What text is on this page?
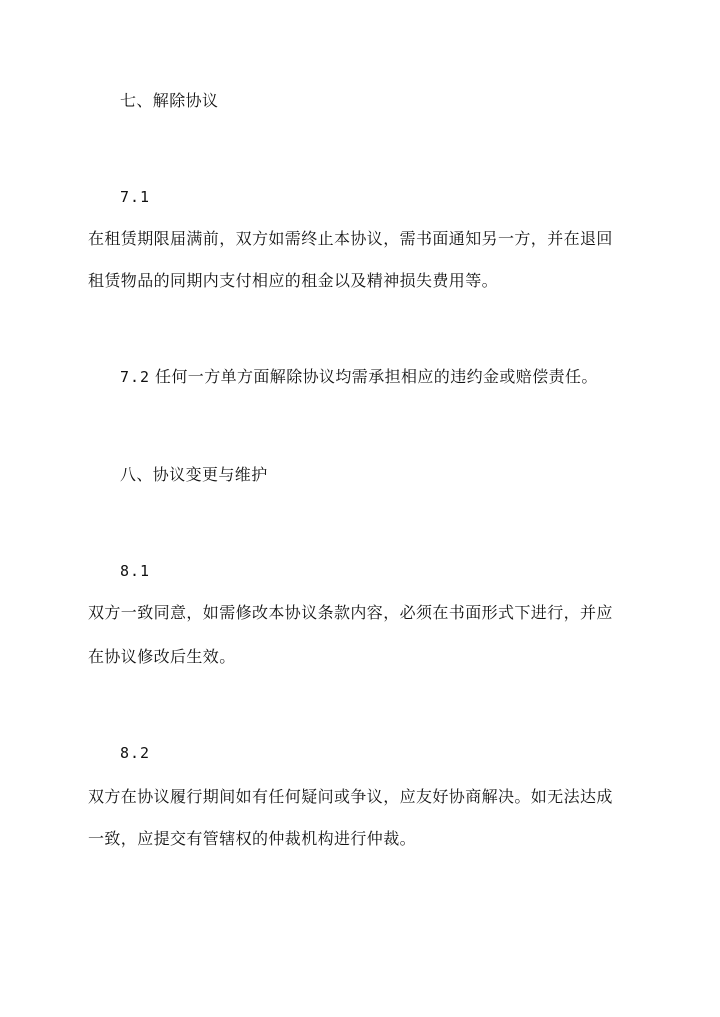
七、解除协议
7.1
在租赁期限届满前，双方如需终止本协议，需书面通知另一方，并在退回
租赁物品的同期内支付相应的租金以及精神损失费用等。
7.2 任何一方单方面解除协议均需承担相应的违约金或赔偿责任。
八、协议变更与维护
8.1
双方一致同意，如需修改本协议条款内容，必须在书面形式下进行，并应
在协议修改后生效。
8.2
双方在协议履行期间如有任何疑问或争议，应友好协商解决。如无法达成
一致，应提交有管辖权的仲裁机构进行仲裁。
